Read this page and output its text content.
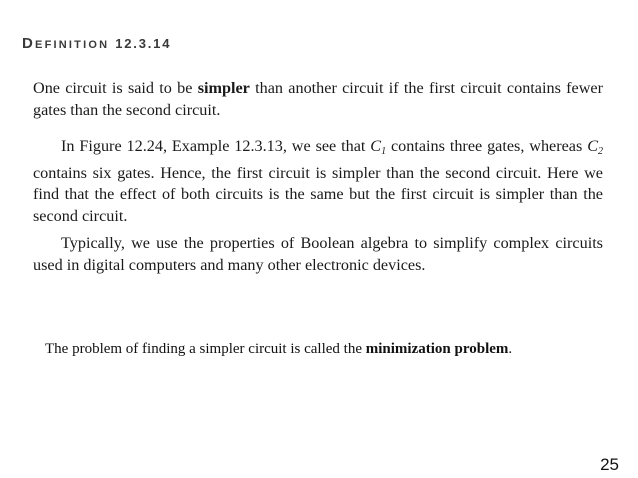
DEFINITION 12.3.14
One circuit is said to be simpler than another circuit if the first circuit contains fewer gates than the second circuit.
In Figure 12.24, Example 12.3.13, we see that $C_1$ contains three gates, whereas $C_2$ contains six gates. Hence, the first circuit is simpler than the second circuit. Here we find that the effect of both circuits is the same but the first circuit is simpler than the second circuit.
Typically, we use the properties of Boolean algebra to simplify complex circuits used in digital computers and many other electronic devices.
The problem of finding a simpler circuit is called the minimization problem.
25
